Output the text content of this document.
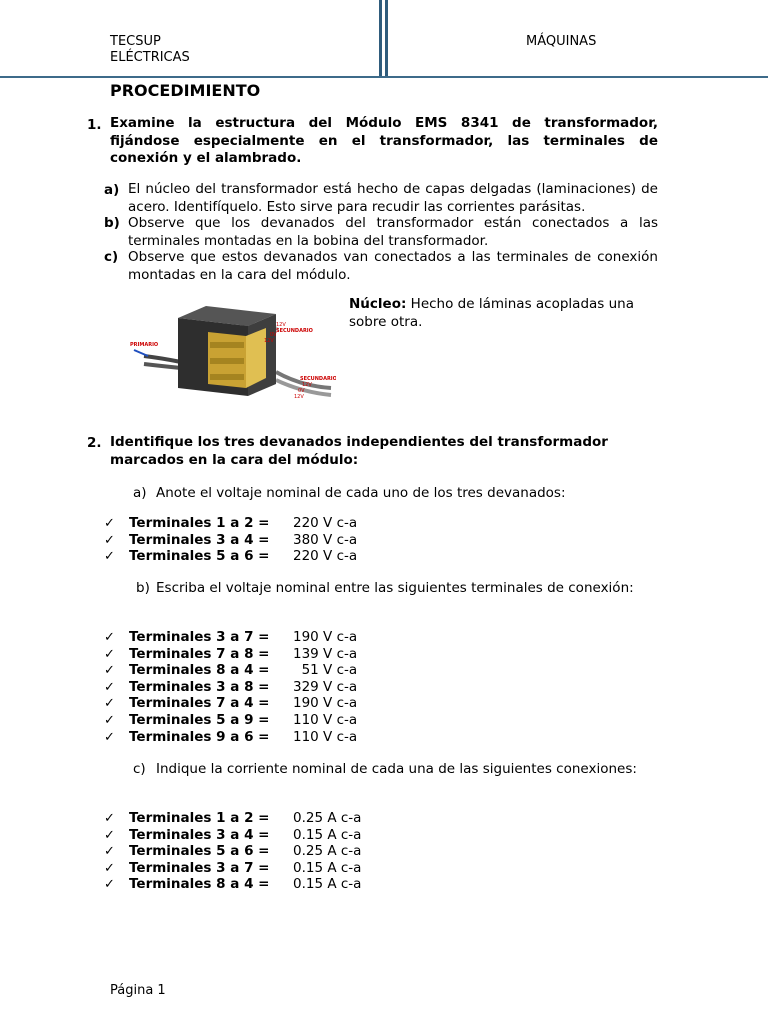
TECSUP
ELÉCTRICAS
MÁQUINAS
PROCEDIMIENTO
1. Examine la estructura del Módulo EMS 8341 de transformador, fijándose especialmente en el transformador, las terminales de conexión y el alambrado.
a) El núcleo del transformador está hecho de capas delgadas (laminaciones) de acero. Identifíquelo. Esto sirve para recudir las corrientes parásitas.
b) Observe que los devanados del transformador están conectados a las terminales montadas en la bobina del transformador.
c) Observe que estos devanados van conectados a las terminales de conexión montadas en la cara del módulo.
PRIMARIO
SECUNDARIO
12V
0V
12V
SECUNDARIO
12V
0V
12V
Núcleo: Hecho de láminas acopladas una sobre otra.
2. Identifique los tres devanados independientes del transformador marcados en la cara del módulo:
a) Anote el voltaje nominal de cada uno de los tres devanados:
✓ Terminales 1 a 2 = 220 V c-a
✓ Terminales 3 a 4 = 380 V c-a
✓ Terminales 5 a 6 = 220 V c-a
b) Escriba el voltaje nominal entre las siguientes terminales de conexión:
✓ Terminales 3 a 7 = 190 V c-a
✓ Terminales 7 a 8 = 139 V c-a
✓ Terminales 8 a 4 = 51 V c-a
✓ Terminales 3 a 8 = 329 V c-a
✓ Terminales 7 a 4 = 190 V c-a
✓ Terminales 5 a 9 = 110 V c-a
✓ Terminales 9 a 6 = 110 V c-a
c) Indique la corriente nominal de cada una de las siguientes conexiones:
✓ Terminales 1 a 2 = 0.25 A c-a
✓ Terminales 3 a 4 = 0.15 A c-a
✓ Terminales 5 a 6 = 0.25 A c-a
✓ Terminales 3 a 7 = 0.15 A c-a
✓ Terminales 8 a 4 = 0.15 A c-a
Página 1
